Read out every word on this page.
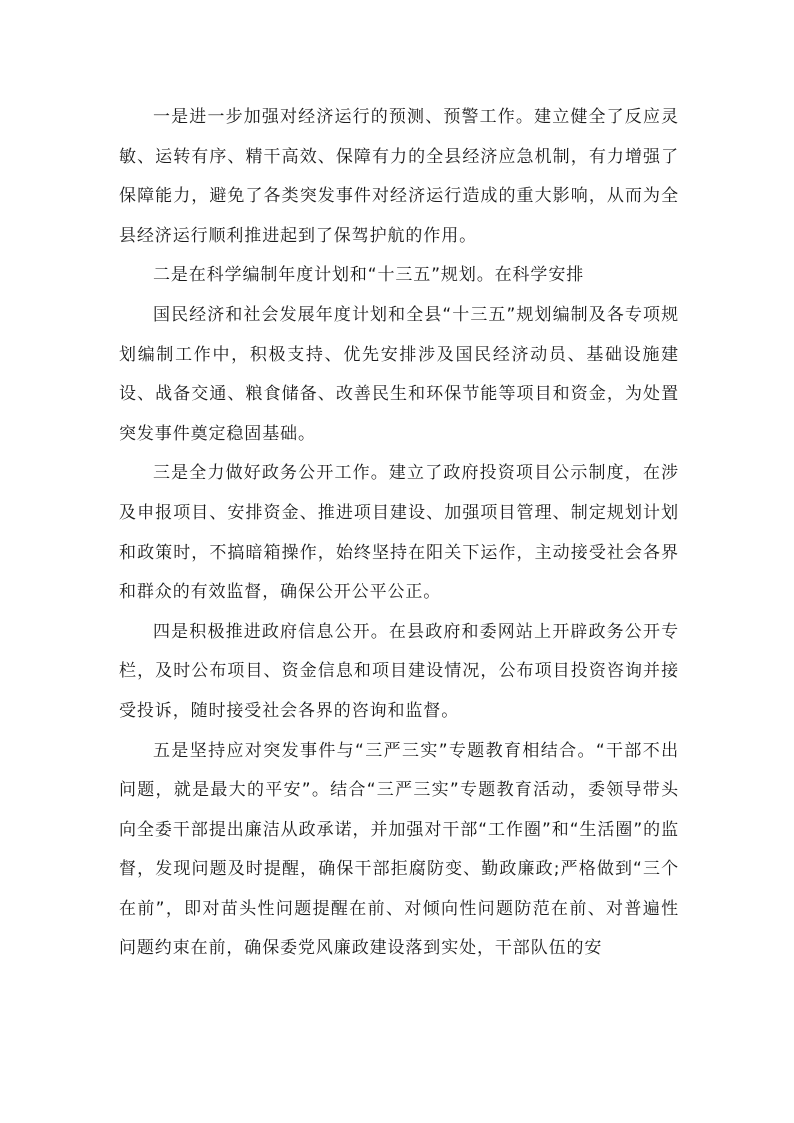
一是进一步加强对经济运行的预测、预警工作。建立健全了反应灵敏、运转有序、精干高效、保障有力的全县经济应急机制，有力增强了保障能力，避免了各类突发事件对经济运行造成的重大影响，从而为全县经济运行顺利推进起到了保驾护航的作用。

二是在科学编制年度计划和“十三五”规划。在科学安排

国民经济和社会发展年度计划和全县“十三五”规划编制及各专项规划编制工作中，积极支持、优先安排涉及国民经济动员、基础设施建设、战备交通、粮食储备、改善民生和环保节能等项目和资金，为处置突发事件奠定稳固基础。

三是全力做好政务公开工作。建立了政府投资项目公示制度，在涉及申报项目、安排资金、推进项目建设、加强项目管理、制定规划计划和政策时，不搞暗箱操作，始终坚持在阳关下运作，主动接受社会各界和群众的有效监督，确保公开公平公正。

四是积极推进政府信息公开。在县政府和委网站上开辟政务公开专栏，及时公布项目、资金信息和项目建设情况，公布项目投资咨询并接受投诉，随时接受社会各界的咨询和监督。

五是坚持应对突发事件与“三严三实”专题教育相结合。“干部不出问题，就是最大的平安”。结合“三严三实”专题教育活动，委领导带头向全委干部提出廉洁从政承诺，并加强对干部“工作圈”和“生活圈”的监督，发现问题及时提醒，确保干部拒腐防变、勤政廉政;严格做到“三个在前”，即对苗头性问题提醒在前、对倾向性问题防范在前、对普遍性问题约束在前，确保委党风廉政建设落到实处，干部队伍的安
